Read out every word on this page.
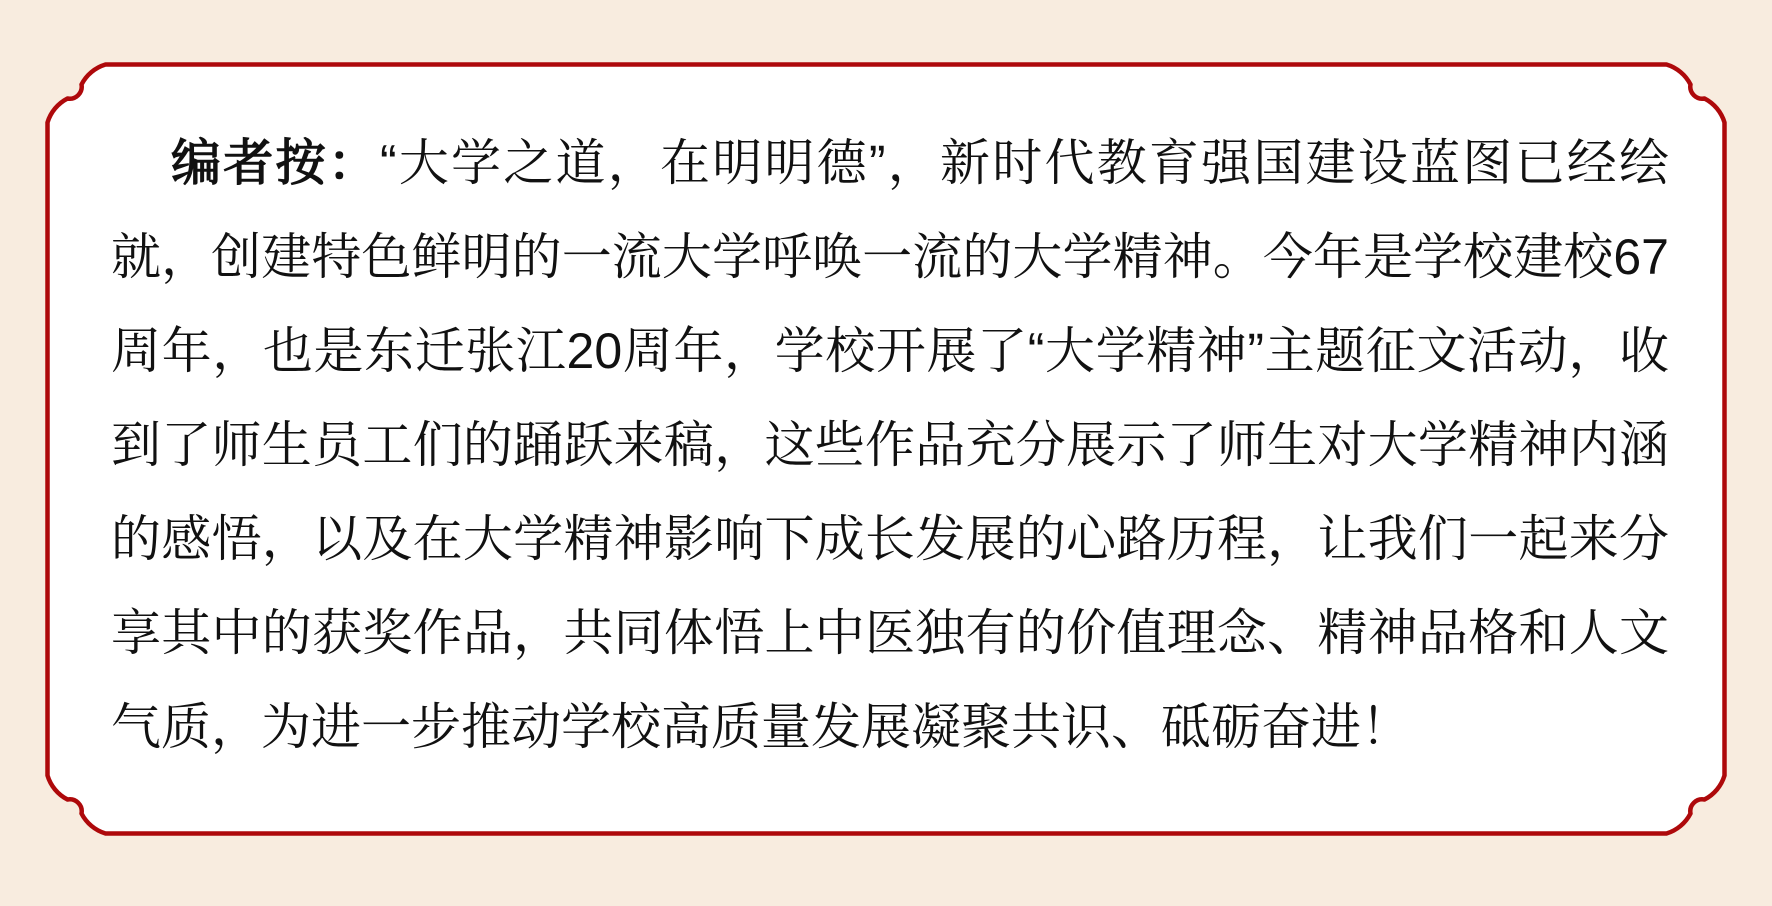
编者按：“大学之道，在明明德”，新时代教育强国建设蓝图已经绘就，创建特色鲜明的一流大学呼唤一流的大学精神。今年是学校建校67周年，也是东迁张江20周年，学校开展了“大学精神”主题征文活动，收到了师生员工们的踊跃来稿，这些作品充分展示了师生对大学精神内涵的感悟，以及在大学精神影响下成长发展的心路历程，让我们一起来分享其中的获奖作品，共同体悟上中医独有的价值理念、精神品格和人文气质，为进一步推动学校高质量发展凝聚共识、砥砺奋进！
